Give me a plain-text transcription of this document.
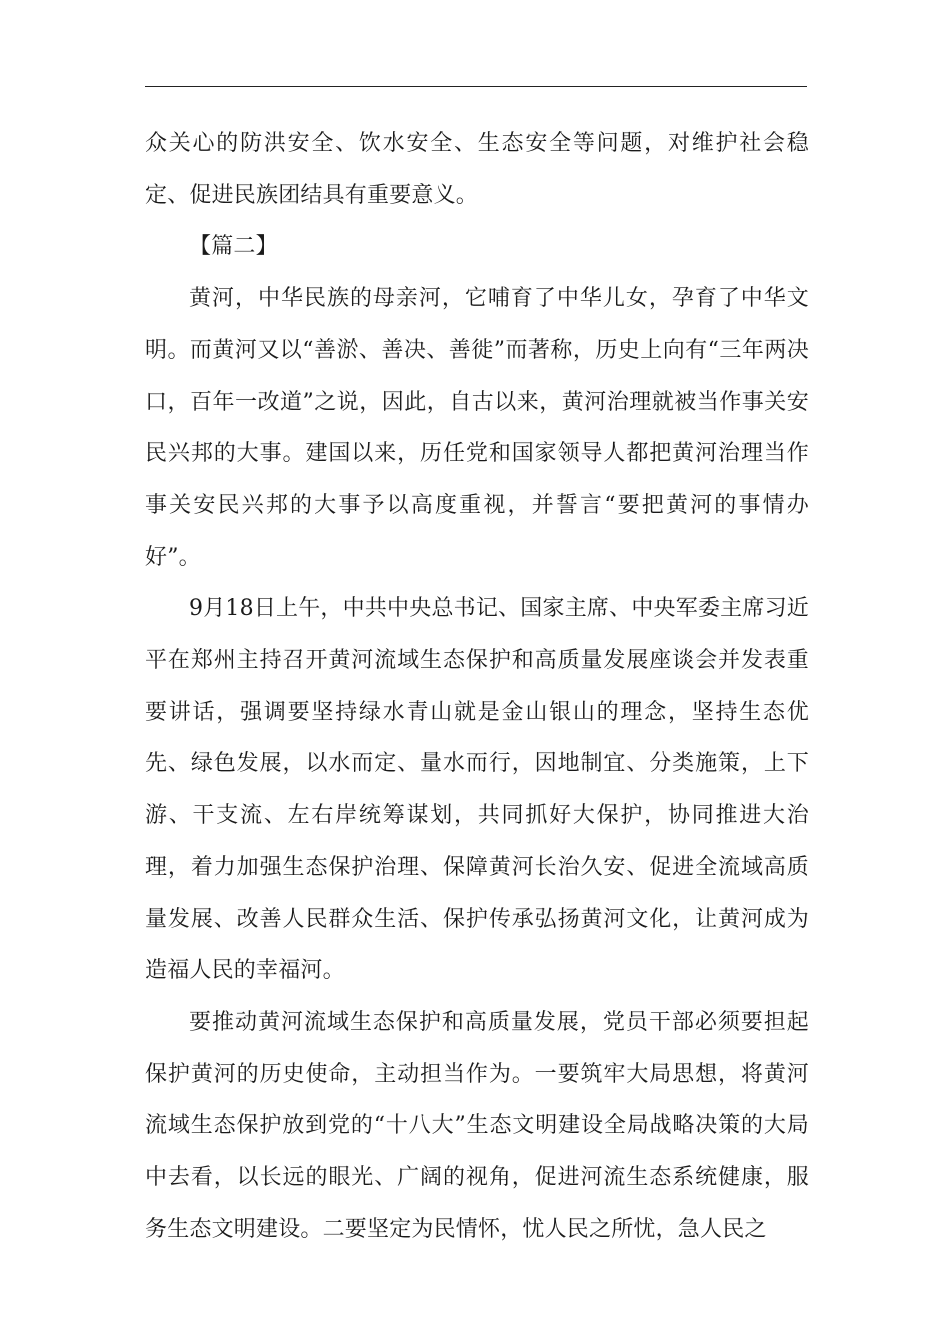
众关心的防洪安全、饮水安全、生态安全等问题，对维护社会稳定、促进民族团结具有重要意义。

【篇二】

黄河，中华民族的母亲河，它哺育了中华儿女，孕育了中华文明。而黄河又以“善淤、善决、善徙”而著称，历史上向有“三年两决口，百年一改道”之说，因此，自古以来，黄河治理就被当作事关安民兴邦的大事。建国以来，历任党和国家领导人都把黄河治理当作事关安民兴邦的大事予以高度重视，并誓言“要把黄河的事情办好”。

9月18日上午，中共中央总书记、国家主席、中央军委主席习近平在郑州主持召开黄河流域生态保护和高质量发展座谈会并发表重要讲话，强调要坚持绿水青山就是金山银山的理念，坚持生态优先、绿色发展，以水而定、量水而行，因地制宜、分类施策，上下游、干支流、左右岸统筹谋划，共同抓好大保护，协同推进大治理，着力加强生态保护治理、保障黄河长治久安、促进全流域高质量发展、改善人民群众生活、保护传承弘扬黄河文化，让黄河成为造福人民的幸福河。

要推动黄河流域生态保护和高质量发展，党员干部必须要担起保护黄河的历史使命，主动担当作为。一要筑牢大局思想，将黄河流域生态保护放到党的“十八大”生态文明建设全局战略决策的大局中去看，以长远的眼光、广阔的视角，促进河流生态系统健康，服务生态文明建设。二要坚定为民情怀，忧人民之所忧，急人民之
